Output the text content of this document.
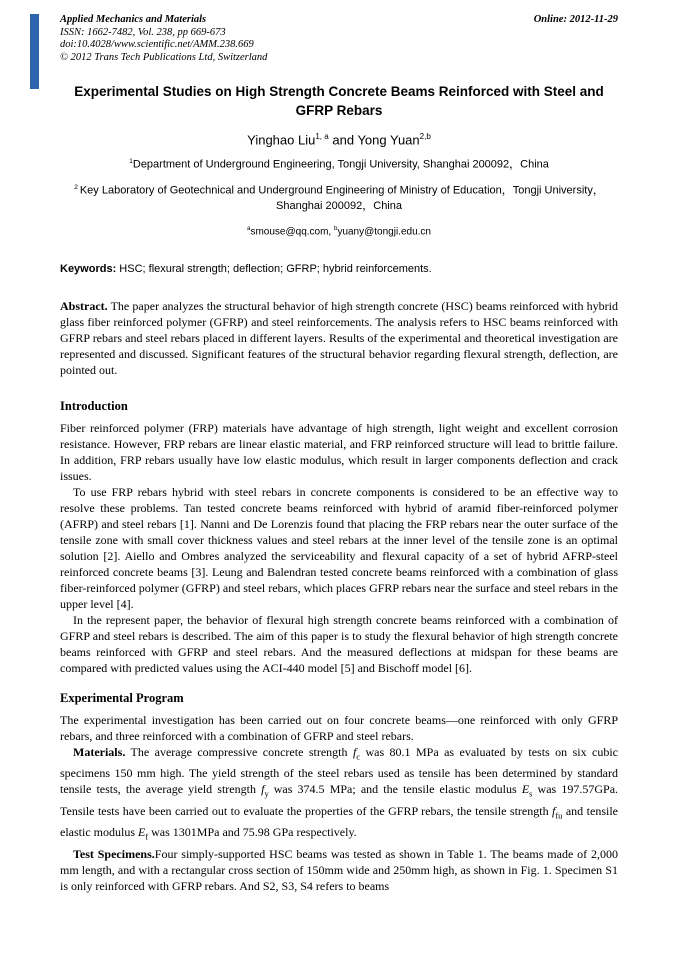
Applied Mechanics and Materials
ISSN: 1662-7482, Vol. 238, pp 669-673
doi:10.4028/www.scientific.net/AMM.238.669
© 2012 Trans Tech Publications Ltd, Switzerland
Online: 2012-11-29
Experimental Studies on High Strength Concrete Beams Reinforced with Steel and GFRP Rebars
Yinghao Liu$^{1, a}$ and Yong Yuan$^{2,b}$
$^1$Department of Underground Engineering, Tongji University, Shanghai 200092，China
$^2$ Key Laboratory of Geotechnical and Underground Engineering of Ministry of Education，Tongji University，Shanghai 200092，China
$^a$smouse@qq.com, $^b$yuany@tongji.edu.cn
Keywords: HSC; flexural strength; deflection; GFRP; hybrid reinforcements.

Abstract. The paper analyzes the structural behavior of high strength concrete (HSC) beams reinforced with hybrid glass fiber reinforced polymer (GFRP) and steel reinforcements. The analysis refers to HSC beams reinforced with GFRP rebars and steel rebars placed in different layers. Results of the experimental and theoretical investigation are represented and discussed. Significant features of the structural behavior regarding flexural strength, deflection, are pointed out.

Introduction

Fiber reinforced polymer (FRP) materials have advantage of high strength, light weight and excellent corrosion resistance. However, FRP rebars are linear elastic material, and FRP reinforced structure will lead to brittle failure. In addition, FRP rebars usually have low elastic modulus, which result in larger components deflection and crack issues.

To use FRP rebars hybrid with steel rebars in concrete components is considered to be an effective way to resolve these problems. Tan tested concrete beams reinforced with hybrid of aramid fiber-reinforced polymer (AFRP) and steel rebars [1]. Nanni and De Lorenzis found that placing the FRP rebars near the outer surface of the tensile zone with small cover thickness values and steel rebars at the inner level of the tensile zone is an optimal solution [2]. Aiello and Ombres analyzed the serviceability and flexural capacity of a set of hybrid AFRP-steel reinforced concrete beams [3]. Leung and Balendran tested concrete beams reinforced with a combination of glass fiber-reinforced polymer (GFRP) and steel rebars, which places GFRP rebars near the surface and steel rebars in the upper level [4].

In the represent paper, the behavior of flexural high strength concrete beams reinforced with a combination of GFRP and steel rebars is described. The aim of this paper is to study the flexural behavior of high strength concrete beams reinforced with GFRP and steel rebars. And the measured deflections at midspan for these beams are compared with predicted values using the ACI-440 model [5] and Bischoff model [6].

Experimental Program

The experimental investigation has been carried out on four concrete beams—one reinforced with only GFRP rebars, and three reinforced with a combination of GFRP and steel rebars.

Materials. The average compressive concrete strength $f_c$ was 80.1 MPa as evaluated by tests on six cubic specimens 150 mm high. The yield strength of the steel rebars used as tensile has been determined by standard tensile tests, the average yield strength $f_y$ was 374.5 MPa; and the tensile elastic modulus $E_s$ was 197.57GPa. Tensile tests have been carried out to evaluate the properties of the GFRP rebars, the tensile strength $f_{fu}$ and tensile elastic modulus $E_f$ was 1301MPa and 75.98 GPa respectively.

Test Specimens.Four simply-supported HSC beams was tested as shown in Table 1. The beams made of 2,000 mm length, and with a rectangular cross section of 150mm wide and 250mm high, as shown in Fig. 1. Specimen S1 is only reinforced with GFRP rebars. And S2, S3, S4 refers to beams
